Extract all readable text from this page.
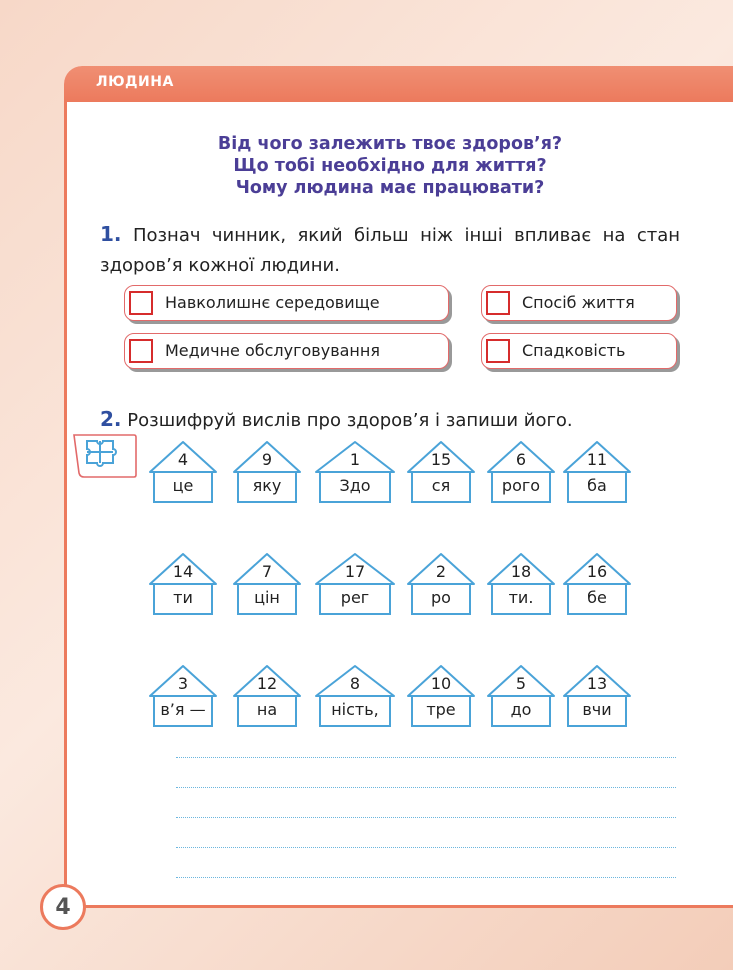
ЛЮДИНА
4
Від чого залежить твоє здоров’я?
Що тобі необхідно для життя?
Чому людина має працювати?
1. Познач чинник, який більш ніж інші впливає на стан здоров’я кожної людини.
Навколишнє середовище	Спосіб життя
Медичне обслуговування	Спадковість
2. Розшифруй вислів про здоров’я і запиши його.
4
це
9
яку
1
Здо
15
ся
6
рого
11
ба
14
ти
7
цін
17
рег
2
ро
18
ти.
16
бе
3
в’я —
12
на
8
ність,
10
тре
5
до
13
вчи
